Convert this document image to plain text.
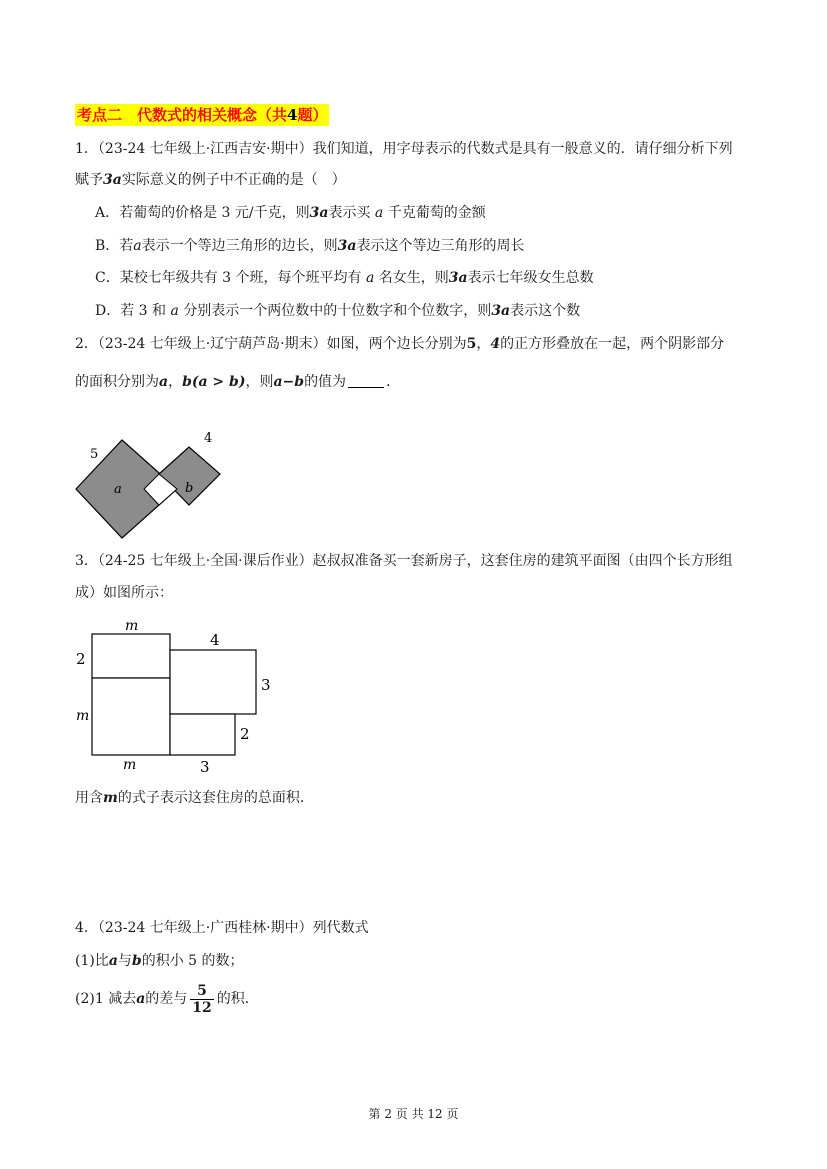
考点二　代数式的相关概念（共4题）
1．（23-24 七年级上·江西吉安·期中）我们知道，用字母表示的代数式是具有一般意义的．请仔细分析下列
赋予3a实际意义的例子中不正确的是（　）
A．若葡萄的价格是 3 元/千克，则3a表示买 a 千克葡萄的金额
B．若a表示一个等边三角形的边长，则3a表示这个等边三角形的周长
C．某校七年级共有 3 个班，每个班平均有 a 名女生，则3a表示七年级女生总数
D．若 3 和 a 分别表示一个两位数中的十位数字和个位数字，则3a表示这个数
2．（23-24 七年级上·辽宁葫芦岛·期末）如图，两个边长分别为5，4的正方形叠放在一起，两个阴影部分
的面积分别为a，b(a > b)，则a−b的值为	．
5
4
a	b
3．（24-25 七年级上·全国·课后作业）赵叔叔准备买一套新房子，这套住房的建筑平面图（由四个长方形组
成）如图所示：
m
2
m
4
3
2
m	3
用含m的式子表示这套住房的总面积．
4．（23-24 七年级上·广西桂林·期中）列代数式
(1)比a与b的积小 5 的数；
(2)1 减去a的差与 $\frac{5}{12}$ 的积．
第 2 页 共 12 页
